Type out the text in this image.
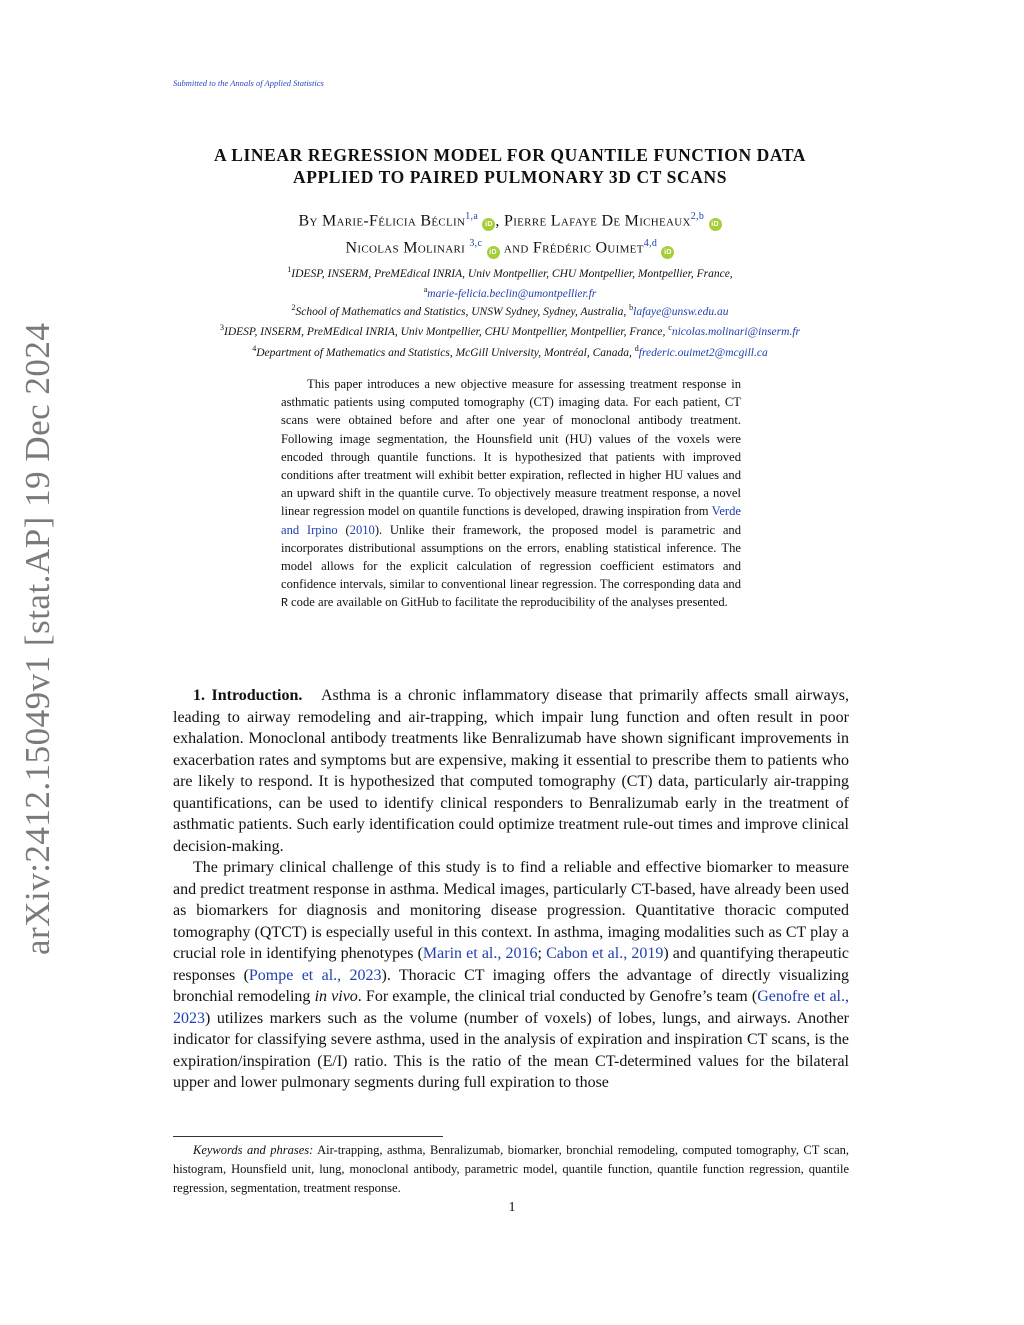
Submitted to the Annals of Applied Statistics
arXiv:2412.15049v1 [stat.AP] 19 Dec 2024
A LINEAR REGRESSION MODEL FOR QUANTILE FUNCTION DATA
APPLIED TO PAIRED PULMONARY 3D CT SCANS
By Marie-Félicia Béclin$^{1,a}$ iD , Pierre Lafaye De Micheaux$^{2,b}$ iD
Nicolas Molinari $^{3,c}$ iD and Frédéric Ouimet$^{4,d}$ iD
$^1$IDESP, INSERM, PreMEdical INRIA, Univ Montpellier, CHU Montpellier, Montpellier, France,
$^a$marie-felicia.beclin@umontpellier.fr
$^2$School of Mathematics and Statistics, UNSW Sydney, Sydney, Australia, $^b$lafaye@unsw.edu.au
$^3$IDESP, INSERM, PreMEdical INRIA, Univ Montpellier, CHU Montpellier, Montpellier, France, $^c$nicolas.molinari@inserm.fr
$^4$Department of Mathematics and Statistics, McGill University, Montréal, Canada, $^d$frederic.ouimet2@mcgill.ca

This paper introduces a new objective measure for assessing treatment response in asthmatic patients using computed tomography (CT) imaging data. For each patient, CT scans were obtained before and after one year of monoclonal antibody treatment. Following image segmentation, the Hounsfield unit (HU) values of the voxels were encoded through quantile functions. It is hypothesized that patients with improved conditions after treatment will exhibit better expiration, reflected in higher HU values and an upward shift in the quantile curve. To objectively measure treatment response, a novel linear regression model on quantile functions is developed, drawing inspiration from Verde and Irpino (2010). Unlike their framework, the proposed model is parametric and incorporates distributional assumptions on the errors, enabling statistical inference. The model allows for the explicit calculation of regression coefficient estimators and confidence intervals, similar to conventional linear regression. The corresponding data and R code are available on GitHub to facilitate the reproducibility of the analyses presented.

1. Introduction. Asthma is a chronic inflammatory disease that primarily affects small airways, leading to airway remodeling and air-trapping, which impair lung function and often result in poor exhalation. Monoclonal antibody treatments like Benralizumab have shown significant improvements in exacerbation rates and symptoms but are expensive, making it essential to prescribe them to patients who are likely to respond. It is hypothesized that computed tomography (CT) data, particularly air-trapping quantifications, can be used to identify clinical responders to Benralizumab early in the treatment of asthmatic patients. Such early identification could optimize treatment rule-out times and improve clinical decision-making.

The primary clinical challenge of this study is to find a reliable and effective biomarker to measure and predict treatment response in asthma. Medical images, particularly CT-based, have already been used as biomarkers for diagnosis and monitoring disease progression. Quantitative thoracic computed tomography (QTCT) is especially useful in this context. In asthma, imaging modalities such as CT play a crucial role in identifying phenotypes (Marin et al., 2016; Cabon et al., 2019) and quantifying therapeutic responses (Pompe et al., 2023). Thoracic CT imaging offers the advantage of directly visualizing bronchial remodeling in vivo. For example, the clinical trial conducted by Genofre’s team (Genofre et al., 2023) utilizes markers such as the volume (number of voxels) of lobes, lungs, and airways. Another indicator for classifying severe asthma, used in the analysis of expiration and inspiration CT scans, is the expiration/inspiration (E/I) ratio. This is the ratio of the mean CT-determined values for the bilateral upper and lower pulmonary segments during full expiration to those

Keywords and phrases: Air-trapping, asthma, Benralizumab, biomarker, bronchial remodeling, computed tomography, CT scan, histogram, Hounsfield unit, lung, monoclonal antibody, parametric model, quantile function, quantile function regression, quantile regression, segmentation, treatment response.

1
